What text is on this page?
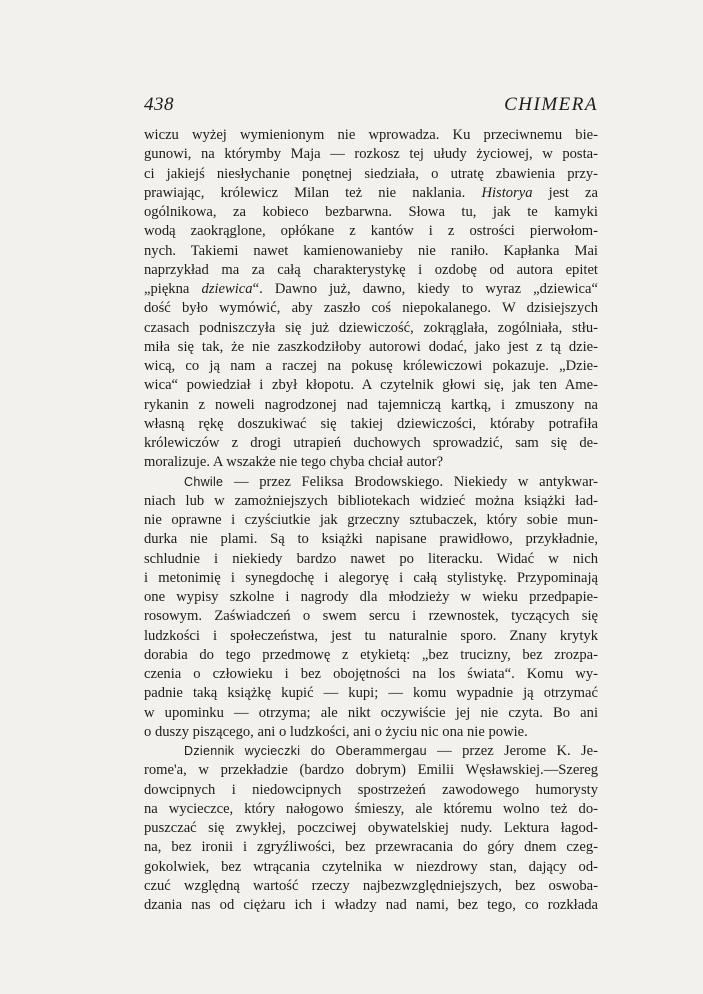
438	CHIMERA
wiczu wyżej wymienionym nie wprowadza. Ku przeciwnemu bie-
gunowi, na którymby Maja — rozkosz tej ułudy życiowej, w posta-
ci jakiejś niesłychanie ponętnej siedziała, o utratę zbawienia przy-
prawiając, królewicz Milan też nie naklania. Historya jest za
ogólnikowa, za kobieco bezbarwna. Słowa tu, jak te kamyki
wodą zaokrąglone, opłókane z kantów i z ostrości pierwołom-
nych. Takiemi nawet kamienowanieby nie raniło. Kapłanka Mai
naprzykład ma za całą charakterystykę i ozdobę od autora epitet
„piękna dziewica“. Dawno już, dawno, kiedy to wyraz „dziewica“
dość było wymówić, aby zaszło coś niepokalanego. W dzisiejszych
czasach podniszczyła się już dziewiczość, zokrąglała, zogólniała, stłu-
miła się tak, że nie zaszkodziłoby autorowi dodać, jako jest z tą dzie-
wicą, co ją nam a raczej na pokusę królewiczowi pokazuje. „Dzie-
wica“ powiedział i zbył kłopotu. A czytelnik głowi się, jak ten Ame-
rykanin z noweli nagrodzonej nad tajemniczą kartką, i zmuszony na
własną rękę doszukiwać się takiej dziewiczości, któraby potrafiła
królewiczów z drogi utrapień duchowych sprowadzić, sam się de-
moralizuje. A wszakże nie tego chyba chciał autor?
Chwile — przez Feliksa Brodowskiego. Niekiedy w antykwar-
niach lub w zamożniejszych bibliotekach widzieć można książki ład-
nie oprawne i czyściutkie jak grzeczny sztubaczek, który sobie mun-
durka nie plami. Są to książki napisane prawidłowo, przykładnie,
schludnie i niekiedy bardzo nawet po literacku. Widać w nich
i metonimię i synegdochę i alegoryę i całą stylistykę. Przypominają
one wypisy szkolne i nagrody dla młodzieży w wieku przedpapie-
rosowym. Zaświadczeń o swem sercu i rzewnostek, tyczących się
ludzkości i społeczeństwa, jest tu naturalnie sporo. Znany krytyk
dorabia do tego przedmowę z etykietą: „bez trucizny, bez zrozpa-
czenia o człowieku i bez obojętności na los świata“. Komu wy-
padnie taką książkę kupić — kupi; — komu wypadnie ją otrzymać
w upominku — otrzyma; ale nikt oczywiście jej nie czyta. Bo ani
o duszy piszącego, ani o ludzkości, ani o życiu nic ona nie powie.
Dziennik wycieczki do Oberammergau — przez Jerome K. Je-
rome'a, w przekładzie (bardzo dobrym) Emilii Węsławskiej.—Szereg
dowcipnych i niedowcipnych spostrzeżeń zawodowego humorysty
na wycieczce, który nałogowo śmieszy, ale któremu wolno też do-
puszczać się zwykłej, poczciwej obywatelskiej nudy. Lektura łagod-
na, bez ironii i zgryźliwości, bez przewracania do góry dnem czeg-
gokolwiek, bez wtrącania czytelnika w niezdrowy stan, dający od-
czuć względną wartość rzeczy najbezwzględniejszych, bez oswoba-
dzania nas od ciężaru ich i władzy nad nami, bez tego, co rozkłada
